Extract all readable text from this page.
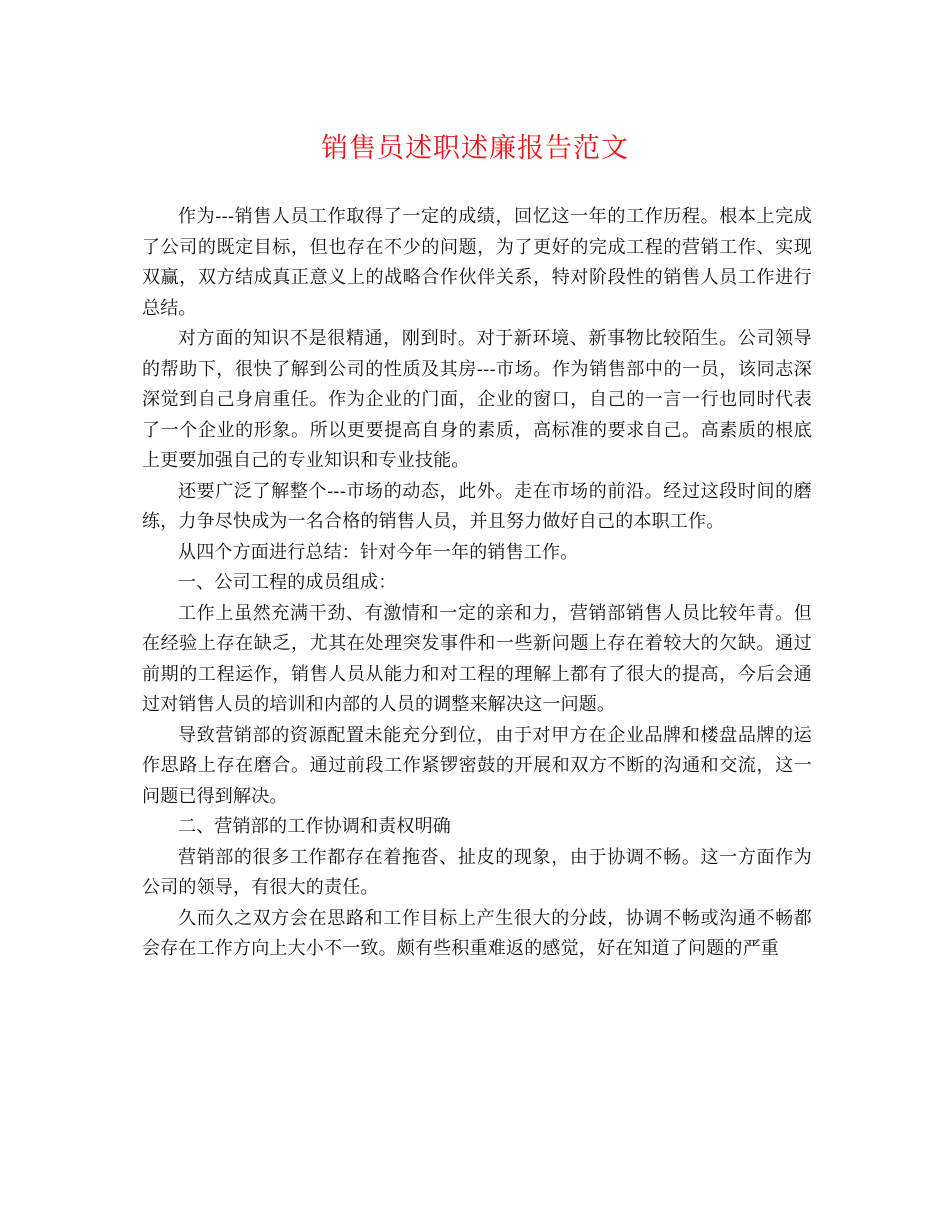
销售员述职述廉报告范文

作为---销售人员工作取得了一定的成绩，回忆这一年的工作历程。根本上完成了公司的既定目标，但也存在不少的问题，为了更好的完成工程的营销工作、实现双赢，双方结成真正意义上的战略合作伙伴关系，特对阶段性的销售人员工作进行总结。

对方面的知识不是很精通，刚到时。对于新环境、新事物比较陌生。公司领导的帮助下，很快了解到公司的性质及其房---市场。作为销售部中的一员，该同志深深觉到自己身肩重任。作为企业的门面，企业的窗口，自己的一言一行也同时代表了一个企业的形象。所以更要提高自身的素质，高标准的要求自己。高素质的根底上更要加强自己的专业知识和专业技能。

还要广泛了解整个---市场的动态，此外。走在市场的前沿。经过这段时间的磨练，力争尽快成为一名合格的销售人员，并且努力做好自己的本职工作。

从四个方面进行总结：针对今年一年的销售工作。

一、公司工程的成员组成：

工作上虽然充满干劲、有激情和一定的亲和力，营销部销售人员比较年青。但在经验上存在缺乏，尤其在处理突发事件和一些新问题上存在着较大的欠缺。通过前期的工程运作，销售人员从能力和对工程的理解上都有了很大的提高，今后会通过对销售人员的培训和内部的人员的调整来解决这一问题。

导致营销部的资源配置未能充分到位，由于对甲方在企业品牌和楼盘品牌的运作思路上存在磨合。通过前段工作紧锣密鼓的开展和双方不断的沟通和交流，这一问题已得到解决。

二、营销部的工作协调和责权明确

营销部的很多工作都存在着拖沓、扯皮的现象，由于协调不畅。这一方面作为公司的领导，有很大的责任。

久而久之双方会在思路和工作目标上产生很大的分歧，协调不畅或沟通不畅都会存在工作方向上大小不一致。颇有些积重难返的感觉，好在知道了问题的严重
